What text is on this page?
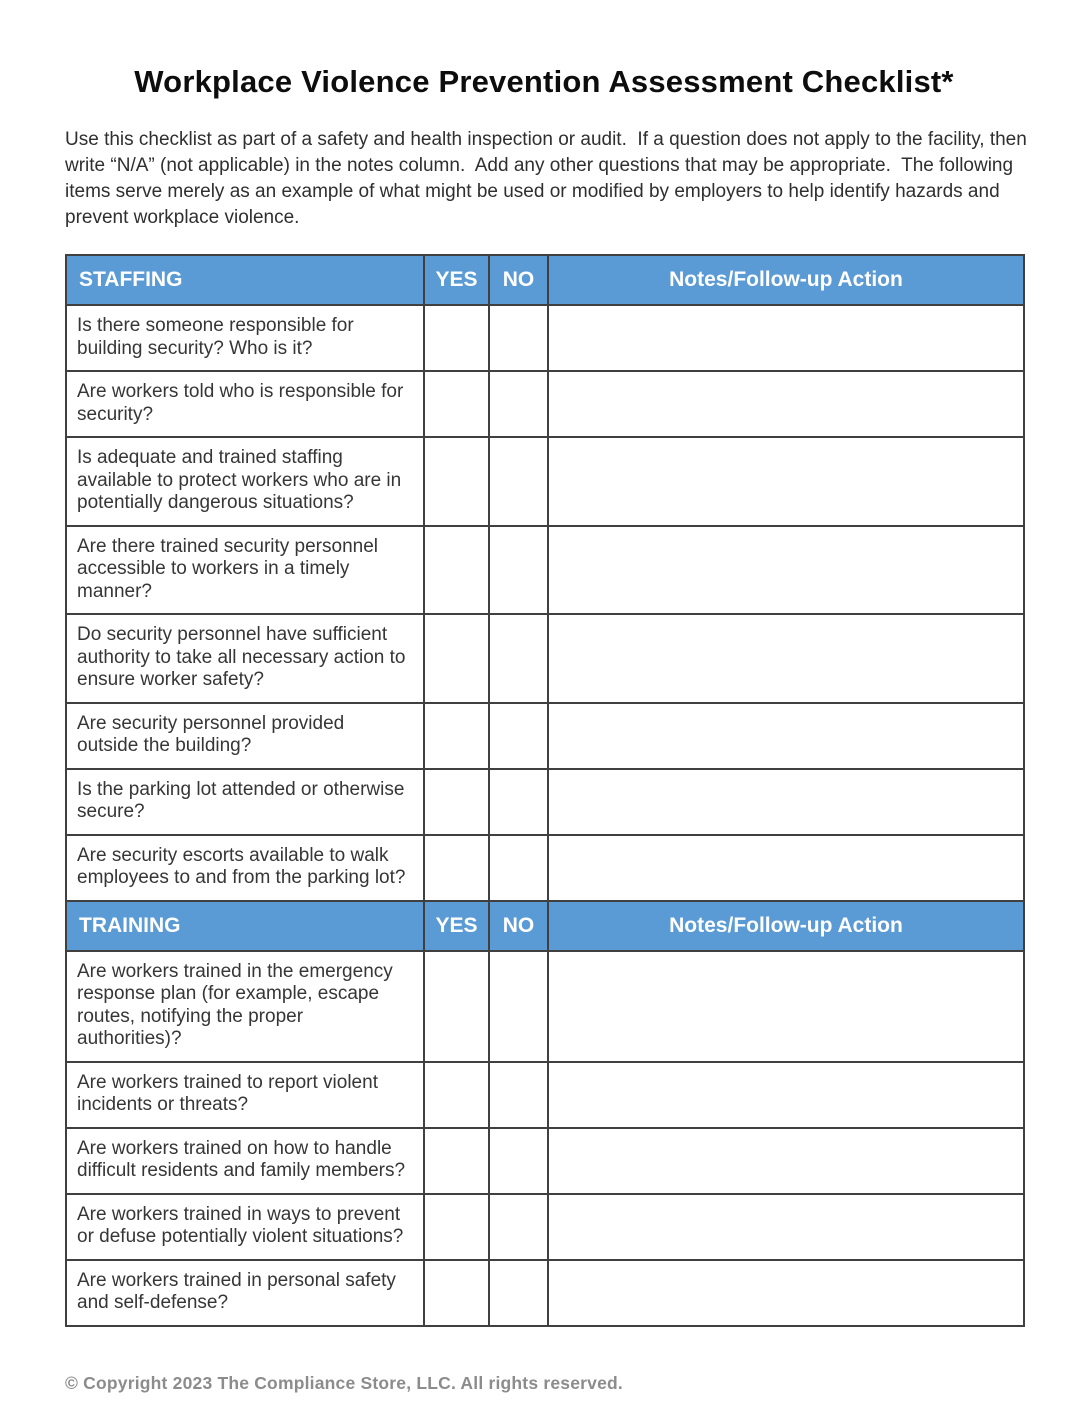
Workplace Violence Prevention Assessment Checklist*
Use this checklist as part of a safety and health inspection or audit.  If a question does not apply to the facility, then write “N/A” (not applicable) in the notes column.  Add any other questions that may be appropriate.  The following items serve merely as an example of what might be used or modified by employers to help identify hazards and prevent workplace violence.
STAFFING	YES	NO	Notes/Follow-up Action
Is there someone responsible for building security? Who is it?			
Are workers told who is responsible for security?			
Is adequate and trained staffing available to protect workers who are in potentially dangerous situations?			
Are there trained security personnel accessible to workers in a timely manner?			
Do security personnel have sufficient authority to take all necessary action to ensure worker safety?			
Are security personnel provided outside the building?			
Is the parking lot attended or otherwise secure?			
Are security escorts available to walk employees to and from the parking lot?			
TRAINING	YES	NO	Notes/Follow-up Action
Are workers trained in the emergency response plan (for example, escape routes, notifying the proper authorities)?			
Are workers trained to report violent incidents or threats?			
Are workers trained on how to handle difficult residents and family members?			
Are workers trained in ways to prevent or defuse potentially violent situations?			
Are workers trained in personal safety and self-defense?			
© Copyright 2023 The Compliance Store, LLC. All rights reserved.
